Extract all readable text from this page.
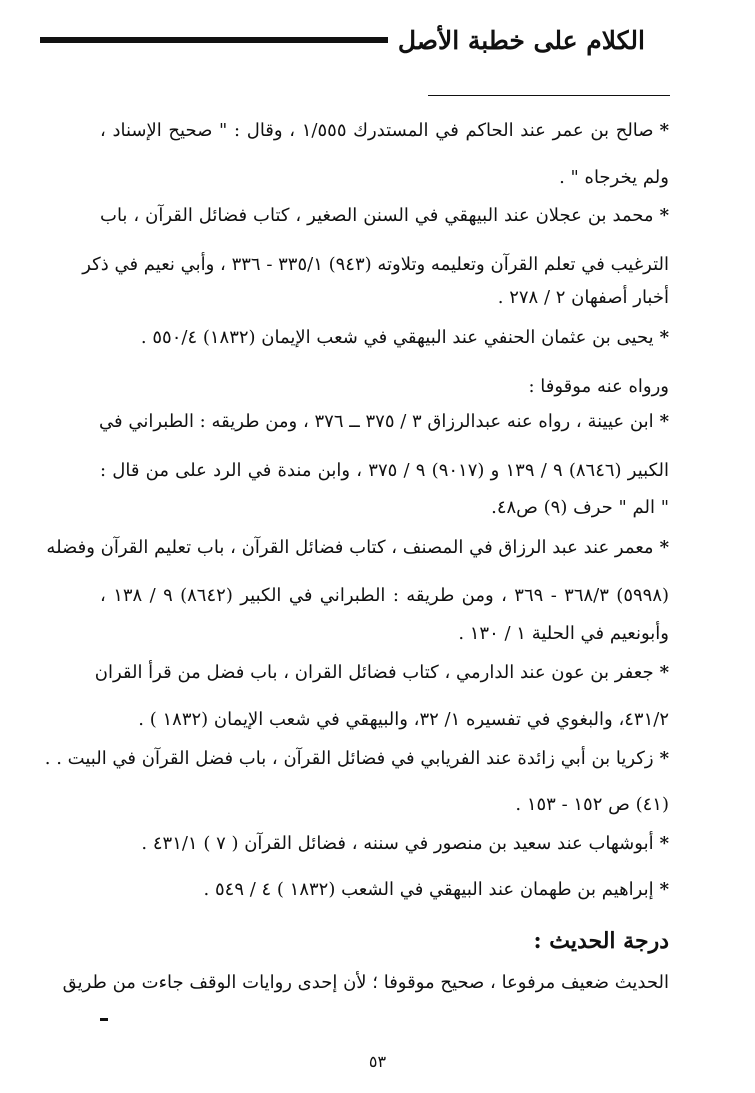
الكلام على خطبة الأصل
*صالح بن عمر عند الحاكم في المستدرك ١/٥٥٥ ، وقال : " صحيح الإسناد ،
ولم يخرجاه " .
*محمد بن عجلان عند البيهقي في السنن الصغير ، كتاب فضائل القرآن ، باب
الترغيب في تعلم القرآن وتعليمه وتلاوته (٩٤٣) ٣٣٥/١ - ٣٣٦ ، وأبي نعيم في ذكر
أخبار أصفهان ٢ / ٢٧٨ .
*يحيى بن عثمان الحنفي عند البيهقي في شعب الإيمان (١٨٣٢) ٥٥٠/٤ .
ورواه عنه موقوفا :
*ابن عيينة ، رواه عنه عبدالرزاق ٣ / ٣٧٥ ــ ٣٧٦ ، ومن طريقه : الطبراني في
الكبير (٨٦٤٦) ٩ / ١٣٩ و (٩٠١٧) ٩ / ٣٧٥ ، وابن مندة في الرد على من قال :
" الم " حرف (٩) ص٤٨.
*معمر عند عبد الرزاق في المصنف ، كتاب فضائل القرآن ، باب تعليم القرآن وفضله
(٥٩٩٨) ٣٦٨/٣ - ٣٦٩ ، ومن طريقه : الطبراني في الكبير (٨٦٤٢) ٩ / ١٣٨ ،
وأبونعيم في الحلية ١ / ١٣٠ .
*جعفر بن عون عند الدارمي ، كتاب فضائل القران ، باب فضل من قرأ القران
٤٣١/٢، والبغوي في تفسيره ١/ ٣٢، والبيهقي في شعب الإيمان (١٨٣٢ ) .
*زكريا بن أبي زائدة عند الفريابي في فضائل القرآن ، باب فضل القرآن في البيت . .
(٤١) ص ١٥٢ - ١٥٣ .
*أبوشهاب عند سعيد بن منصور في سننه ، فضائل القرآن ( ٧ ) ٤٣١/١ .
*إبراهيم بن طهمان عند البيهقي في الشعب (١٨٣٢ ) ٤ / ٥٤٩ .
درجة الحديث :
الحديث ضعيف مرفوعا ، صحيح موقوفا ؛ لأن إحدى روايات الوقف جاءت من طريق
٥٣
